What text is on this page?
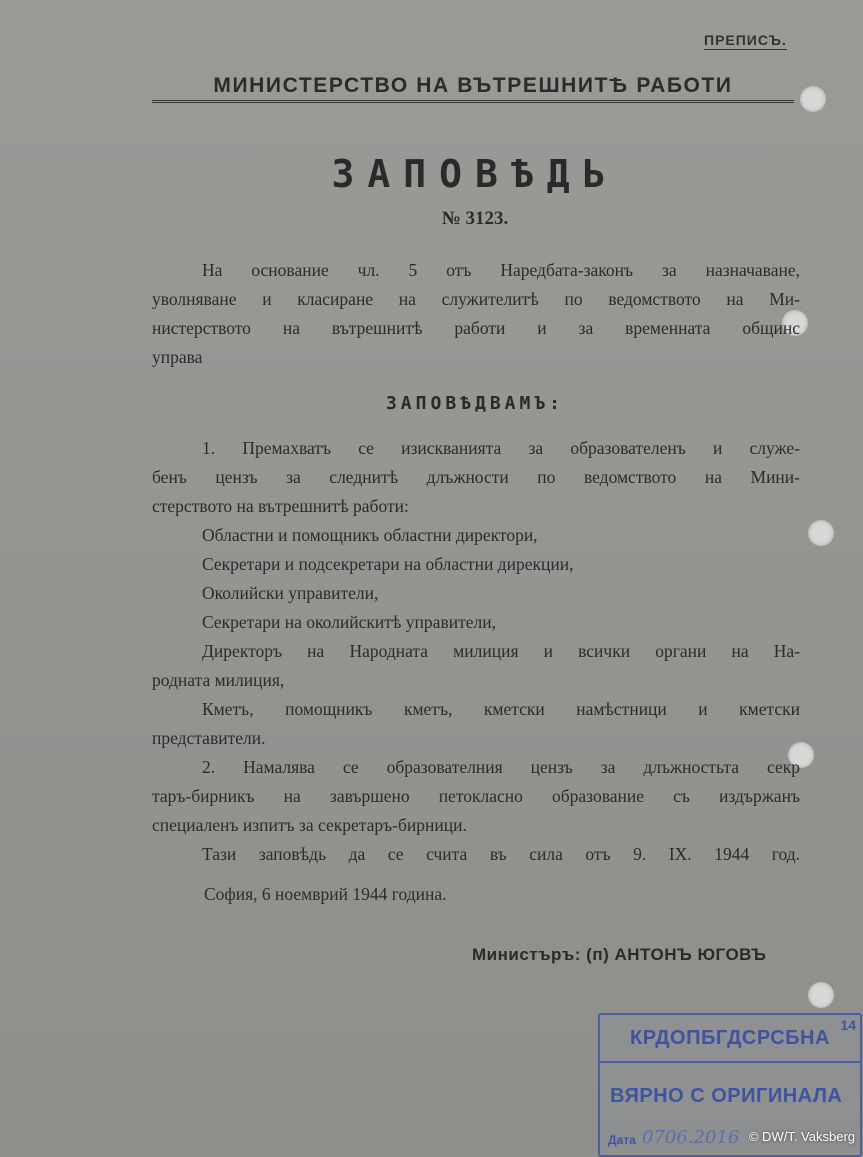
ПРЕПИСЪ.
МИНИСТЕРСТВО НА ВЪТРЕШНИТѢ РАБОТИ
ЗАПОВѢДЬ
№ 3123.
На основание чл. 5 отъ Наредбата-законъ за назначаване,
уволняване и класиране на служителитѣ по ведомството на Ми-
нистерството на вътрешнитѣ работи и за временната общинс
управа
ЗАПОВѢДВАМЪ:
1. Премахватъ се изискванията за образователенъ и служе-
бенъ цензъ за следнитѣ длъжности по ведомството на Мини-
стерството на вътрешнитѣ работи:
Областни и помощникъ областни директори,
Секретари и подсекретари на областни дирекции,
Околийски управители,
Секретари на околийскитѣ управители,
Директоръ на Народната милиция и всички органи на На-
родната милиция,
Кметъ, помощникъ кметъ, кметски намѣстници и кметски
представители.
2. Намалява се образователния цензъ за длъжностьта секр
таръ-бирникъ на завършено петокласно образование съ издържанъ
специаленъ изпитъ за секретаръ-бирници.
Тази заповѣдь да се счита въ сила отъ 9. IX. 1944 год.
София, 6 ноемврий 1944 година.
Министъръ: (п) АНТОНЪ ЮГОВЪ
КРДОПБГДСРСБНА
14
ВЯРНО С ОРИГИНАЛА
Дата 0706.2016 © DW/T. Vaksberg
